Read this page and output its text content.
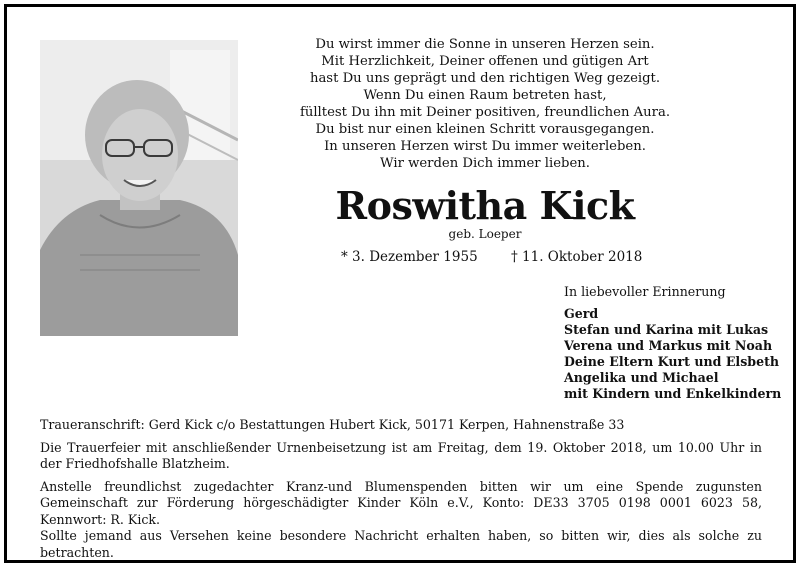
Du wirst immer die Sonne in unseren Herzen sein.
Mit Herzlichkeit, Deiner offenen und gütigen Art
hast Du uns geprägt und den richtigen Weg gezeigt.
Wenn Du einen Raum betreten hast,
fülltest Du ihn mit Deiner positiven, freundlichen Aura.
Du bist nur einen kleinen Schritt vorausgegangen.
In unseren Herzen wirst Du immer weiterleben.
Wir werden Dich immer lieben.
Roswitha Kick
geb. Loeper
* 3. Dezember 1955 † 11. Oktober 2018
In liebevoller Erinnerung
Gerd
Stefan und Karina mit Lukas
Verena und Markus mit Noah
Deine Eltern Kurt und Elsbeth
Angelika und Michael
mit Kindern und Enkelkindern

Traueranschrift: Gerd Kick c/o Bestattungen Hubert Kick, 50171 Kerpen, Hahnenstraße 33

Die Trauerfeier mit anschließender Urnenbeisetzung ist am Freitag, dem 19. Oktober 2018, um 10.00 Uhr in der Friedhofshalle Blatzheim.

Anstelle freundlichst zugedachter Kranz-und Blumenspenden bitten wir um eine Spende zugunsten Gemeinschaft zur Förderung hörgeschädigter Kinder Köln e.V., Konto: DE33 3705 0198 0001 6023 58, Kennwort: R. Kick.

Sollte jemand aus Versehen keine besondere Nachricht erhalten haben, so bitten wir, dies als solche zu betrachten.
